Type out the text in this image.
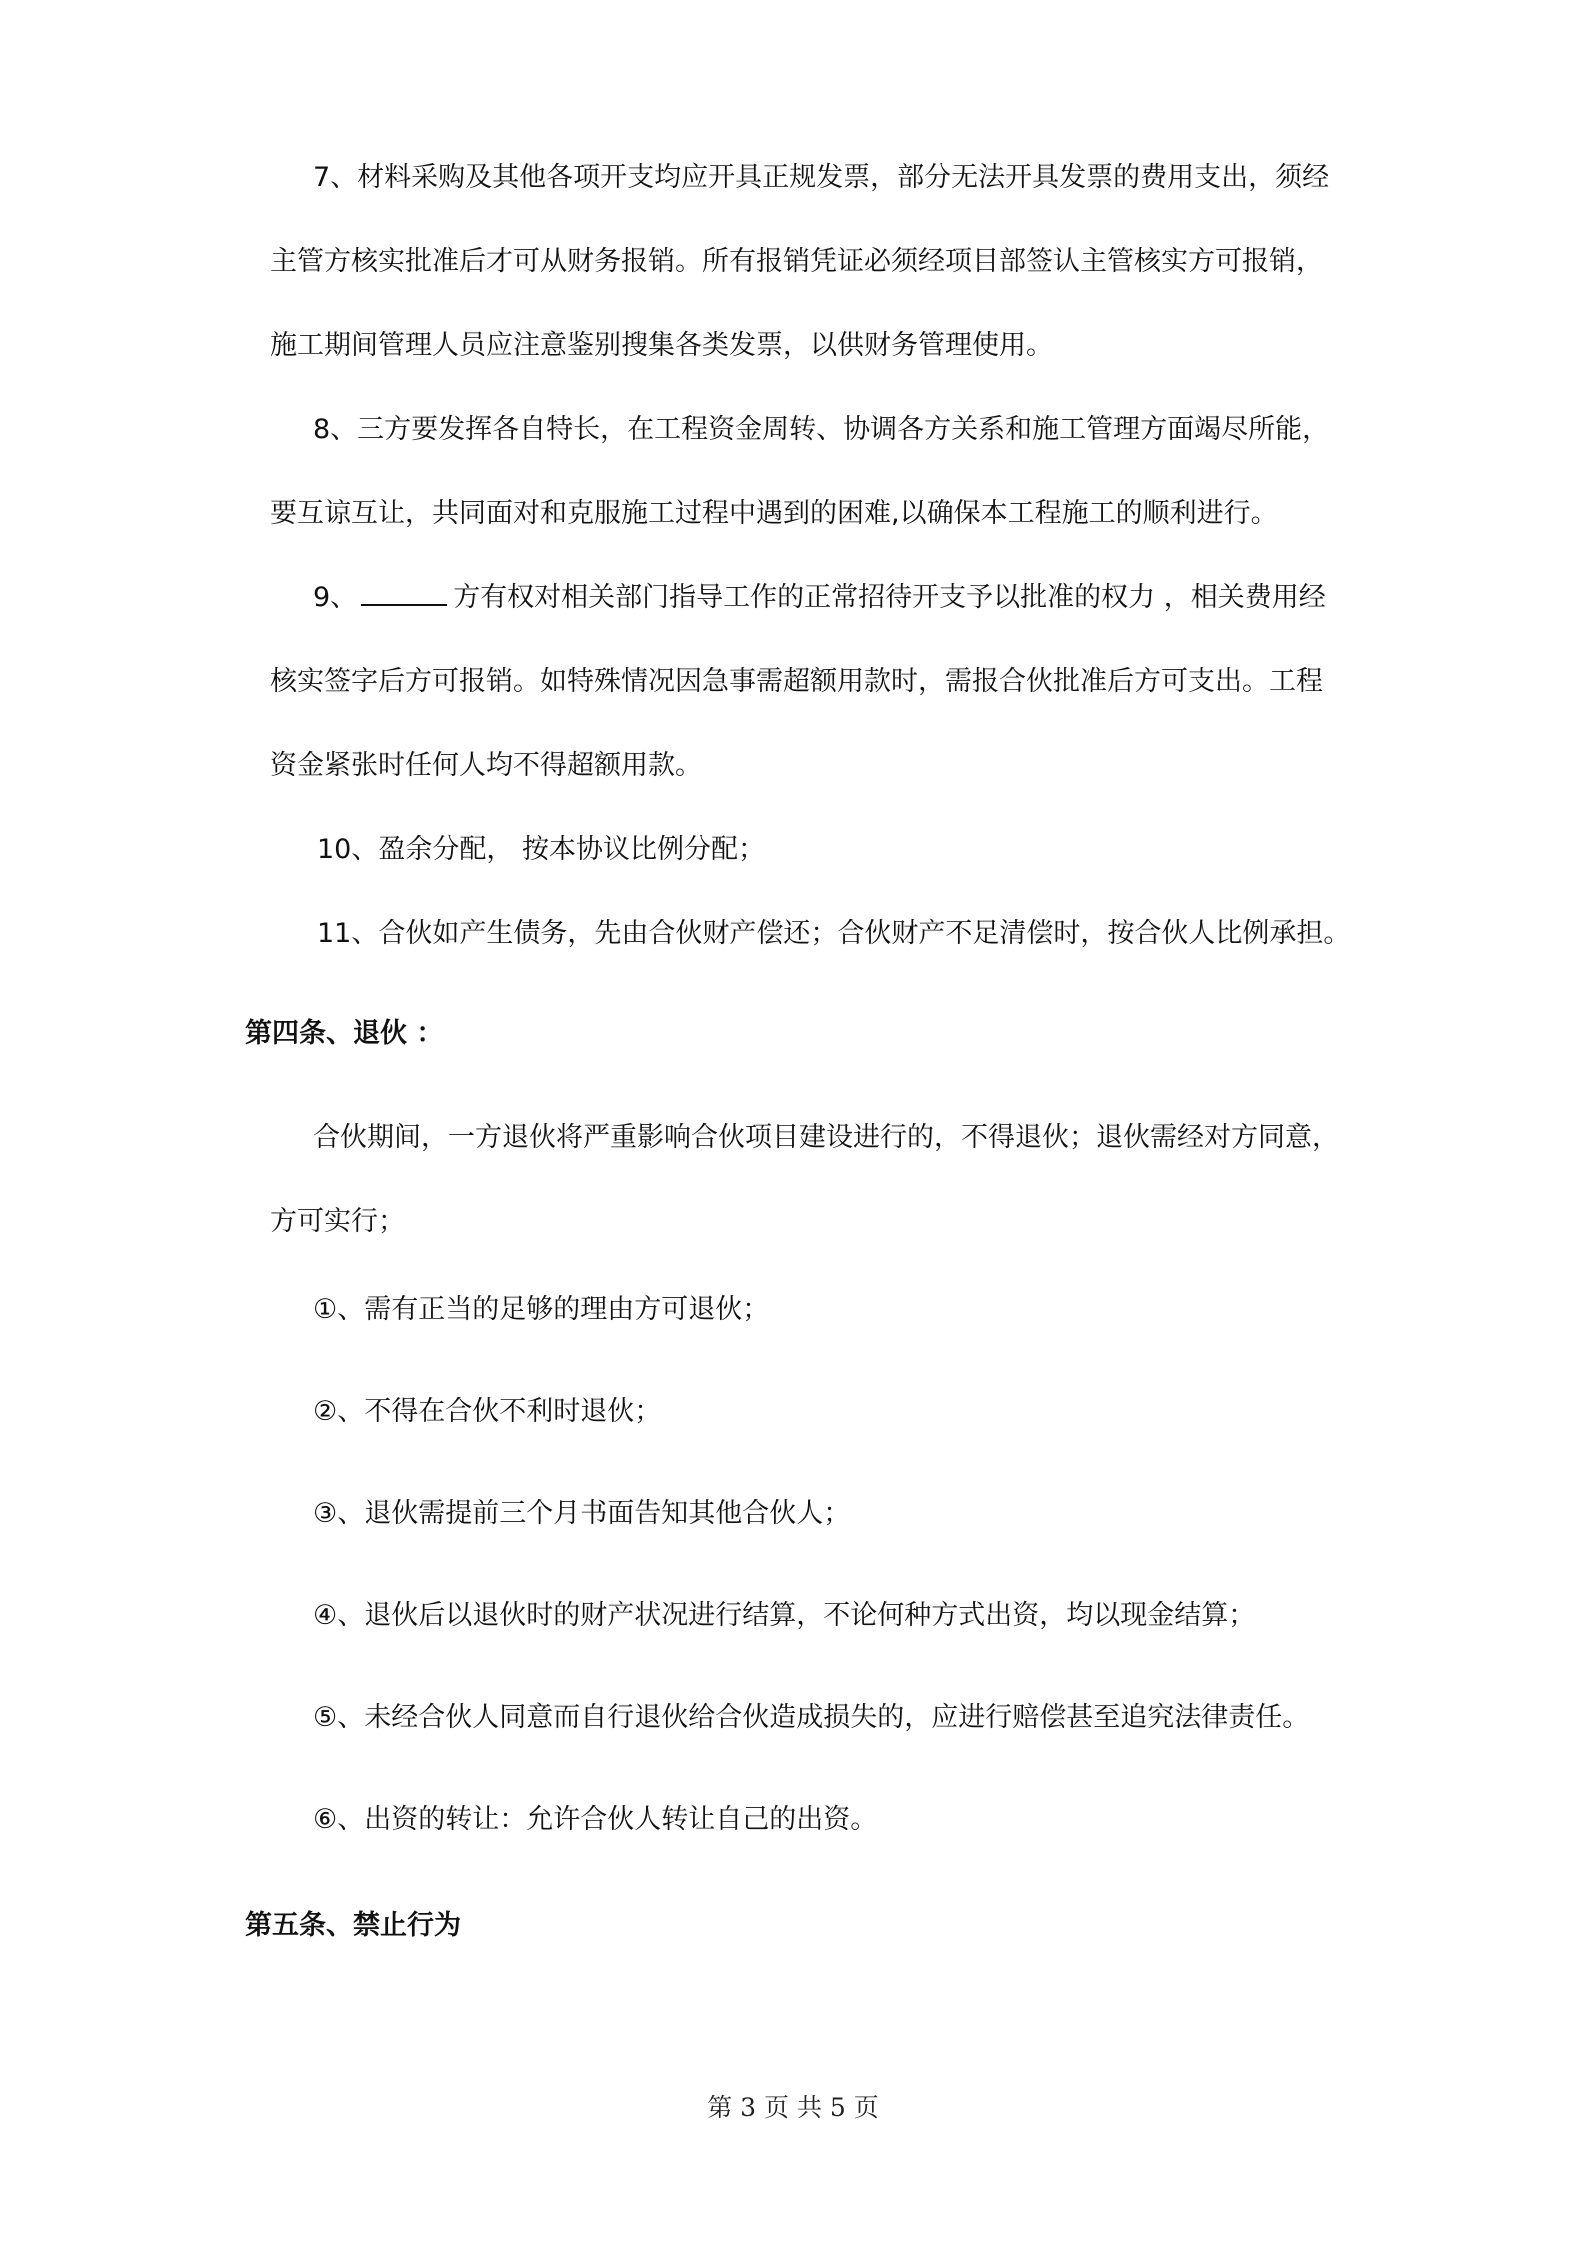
7、材料采购及其他各项开支均应开具正规发票，部分无法开具发票的费用支出，须经
主管方核实批准后才可从财务报销。所有报销凭证必须经项目部签认主管核实方可报销，
施工期间管理人员应注意鉴别搜集各类发票，以供财务管理使用。
8、三方要发挥各自特长，在工程资金周转、协调各方关系和施工管理方面竭尽所能，
要互谅互让，共同面对和克服施工过程中遇到的困难,以确保本工程施工的顺利进行。
9、	方有权对相关部门指导工作的正常招待开支予以批准的权力 ，相关费用经
核实签字后方可报销。如特殊情况因急事需超额用款时，需报合伙批准后方可支出。工程
资金紧张时任何人均不得超额用款。
10、盈余分配， 按本协议比例分配；
11、合伙如产生债务，先由合伙财产偿还；合伙财产不足清偿时，按合伙人比例承担。
第四条、退伙 ：
合伙期间，一方退伙将严重影响合伙项目建设进行的，不得退伙；退伙需经对方同意，
方可实行；
①、需有正当的足够的理由方可退伙；
②、不得在合伙不利时退伙；
③、退伙需提前三个月书面告知其他合伙人；
④、退伙后以退伙时的财产状况进行结算，不论何种方式出资，均以现金结算；
⑤、未经合伙人同意而自行退伙给合伙造成损失的，应进行赔偿甚至追究法律责任。
⑥、出资的转让：允许合伙人转让自己的出资。
第五条、禁止行为
第 3 页 共 5 页
